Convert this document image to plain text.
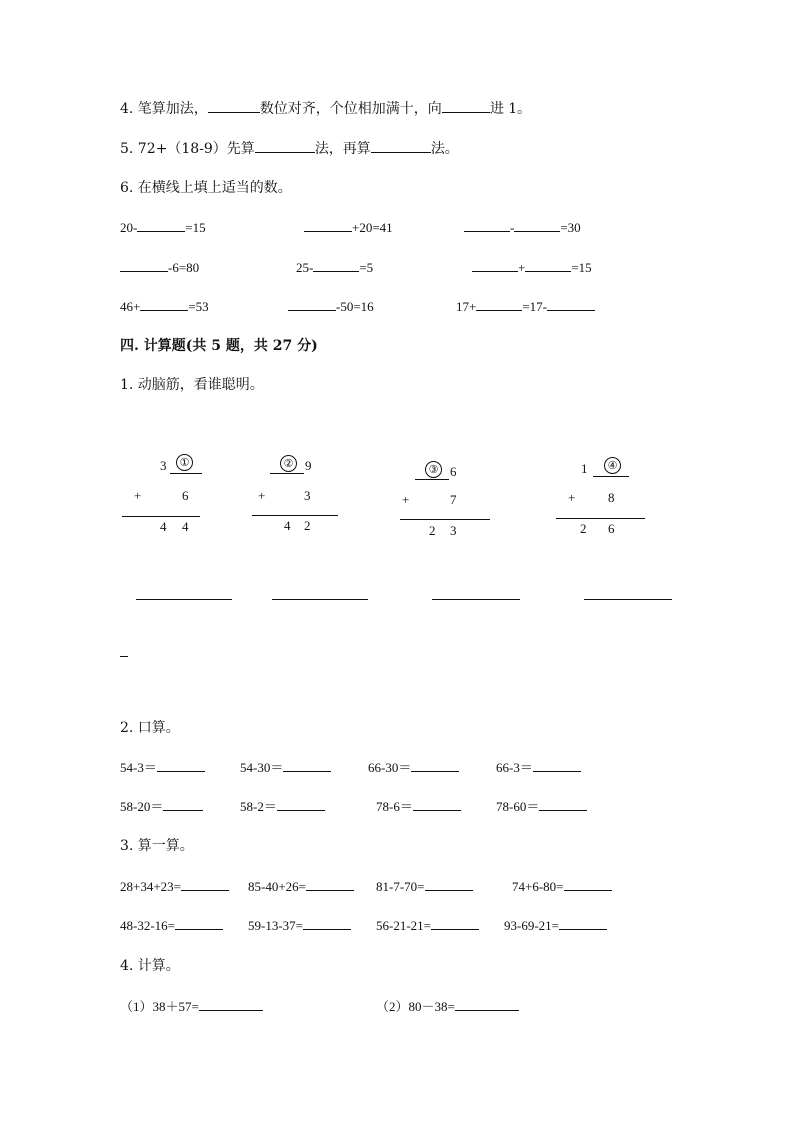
4. 笔算加法，	数位对齐，个位相加满十，向	进 1。
5. 72+（18-9）先算	法，再算	法。
6. 在横线上填上适当的数。
20-	=15	+20=41	-	=30
-6=80	25-	=5	+	=15
46+	=53	-50=16	17+	=17-
四. 计算题(共 5 题，共 27 分)
1. 动脑筋，看谁聪明。
3	①
+	6
4 4
② 9
+	3
4 2
③ 6
+	7
2 3
1	④
+	8
2 6
2. 口算。
54-3＝	54-30＝	66-30＝	66-3＝
58-20＝	58-2＝	78-6＝	78-60＝
3. 算一算。
28+34+23=	85-40+26=	81-7-70=	74+6-80=
48-32-16=	59-13-37=	56-21-21=	93-69-21=
4. 计算。
（1）38＋57=	（2）80－38=
